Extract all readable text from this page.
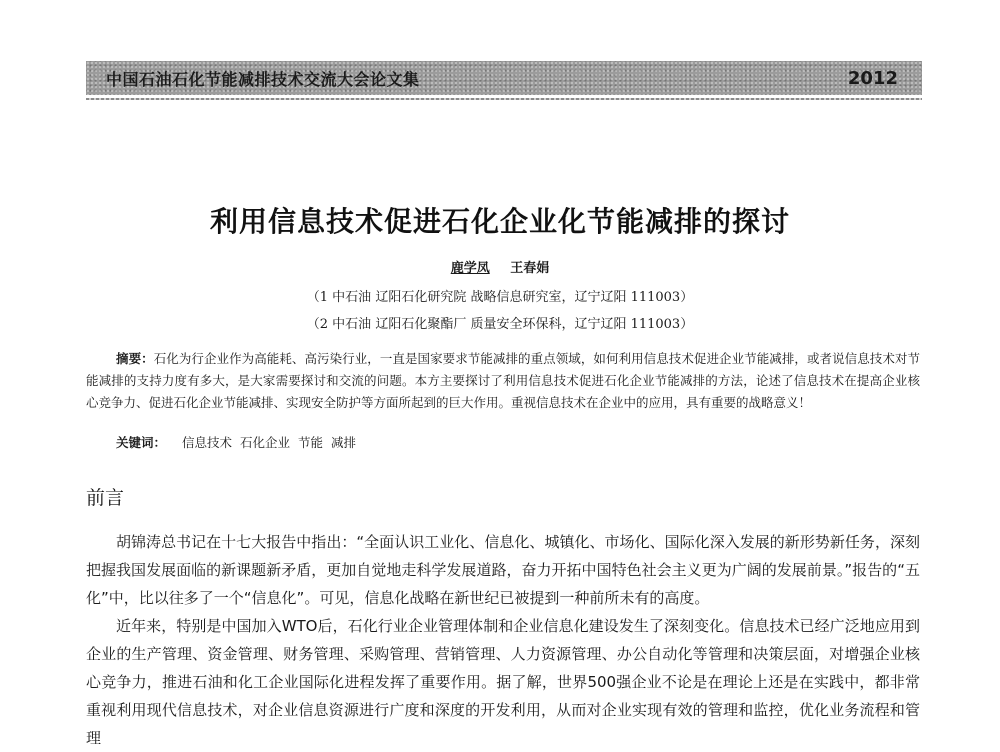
中国石油石化节能减排技术交流大会论文集	2012
利用信息技术促进石化企业化节能减排的探讨
鹿学凤 王春娟
（1 中石油 辽阳石化研究院 战略信息研究室，辽宁辽阳 111003）
（2 中石油 辽阳石化聚酯厂 质量安全环保科，辽宁辽阳 111003）
摘要：石化为行企业作为高能耗、高污染行业，一直是国家要求节能减排的重点领域，如何利用信息技术促进企业节能减排，或者说信息技术对节能减排的支持力度有多大，是大家需要探讨和交流的问题。本方主要探讨了利用信息技术促进石化企业节能减排的方法，论述了信息技术在提高企业核心竞争力、促进石化企业节能减排、实现安全防护等方面所起到的巨大作用。重视信息技术在企业中的应用，具有重要的战略意义！
关键词： 信息技术 石化企业 节能 减排
前言

胡锦涛总书记在十七大报告中指出：“全面认识工业化、信息化、城镇化、市场化、国际化深入发展的新形势新任务，深刻把握我国发展面临的新课题新矛盾，更加自觉地走科学发展道路，奋力开拓中国特色社会主义更为广阔的发展前景。”报告的“五化”中，比以往多了一个“信息化”。可见，信息化战略在新世纪已被提到一种前所未有的高度。

近年来，特别是中国加入WTO后，石化行业企业管理体制和企业信息化建设发生了深刻变化。信息技术已经广泛地应用到企业的生产管理、资金管理、财务管理、采购管理、营销管理、人力资源管理、办公自动化等管理和决策层面，对增强企业核心竞争力，推进石油和化工企业国际化进程发挥了重要作用。据了解，世界500强企业不论是在理论上还是在实践中，都非常重视利用现代信息技术，对企业信息资源进行广度和深度的开发利用，从而对企业实现有效的管理和监控，优化业务流程和管理
